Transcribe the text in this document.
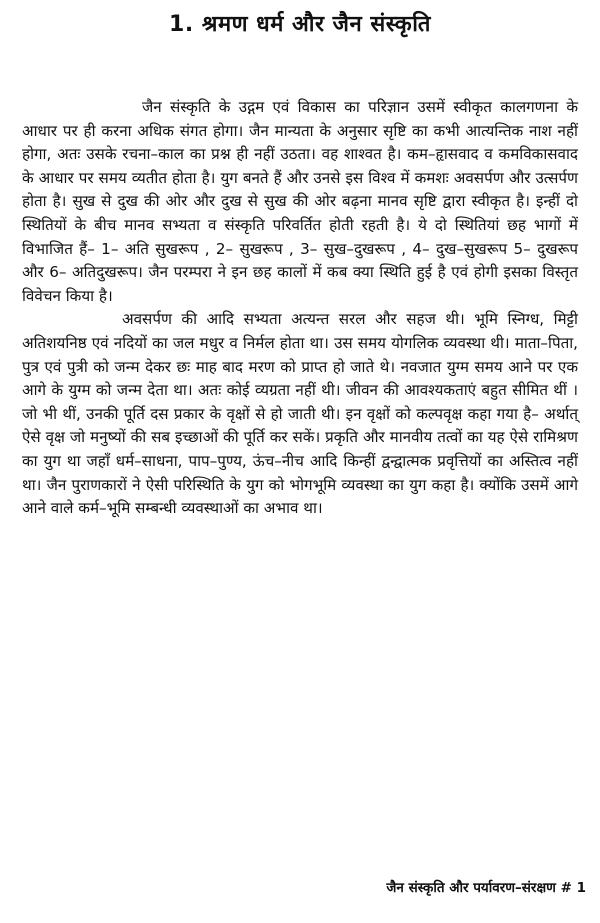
1. श्रमण धर्म और जैन संस्कृति

जैन संस्कृति के उद्गम एवं विकास का परिज्ञान उसमें स्वीकृत कालगणना के आधार पर ही करना अधिक संगत होगा। जैन मान्यता के अनुसार सृष्टि का कभी आत्यन्तिक नाश नहीं होगा, अतः उसके रचना–काल का प्रश्न ही नहीं उठता। वह शाश्वत है। कम–हृासवाद व कमविकासवाद के आधार पर समय व्यतीत होता है। युग बनते हैं और उनसे इस विश्व में कमशः अवसर्पण और उत्सर्पण होता है। सुख से दुख की ओर और दुख से सुख की ओर बढ़ना मानव सृष्टि द्वारा स्वीकृत है। इन्हीं दो स्थितियों के बीच मानव सभ्यता व संस्कृति परिवर्तित होती रहती है। ये दो स्थितियां छह भागों में विभाजित हैं– 1– अति सुखरूप , 2– सुखरूप , 3– सुख–दुखरूप , 4– दुख–सुखरूप 5– दुखरूप और 6– अतिदुखरूप। जैन परम्परा ने इन छह कालों में कब क्या स्थिति हुई है एवं होगी इसका विस्तृत विवेचन किया है।

अवसर्पण की आदि सभ्यता अत्यन्त सरल और सहज थी। भूमि स्निग्ध, मिट्टी अतिशयनिष्ठ एवं नदियों का जल मधुर व निर्मल होता था। उस समय योगलिक व्यवस्था थी। माता–पिता, पुत्र एवं पुत्री को जन्म देकर छः माह बाद मरण को प्राप्त हो जाते थे। नवजात युग्म समय आने पर एक आगे के युग्म को जन्म देता था। अतः कोई व्यग्रता नहीं थी। जीवन की आवश्यकताएं बहुत सीमित थीं । जो भी थीं, उनकी पूर्ति दस प्रकार के वृक्षों से हो जाती थी। इन वृक्षों को कल्पवृक्ष कहा गया है– अर्थात् ऐसे वृक्ष जो मनुष्यों की सब इच्छाओं की पूर्ति कर सकें। प्रकृति और मानवीय तत्वों का यह ऐसे रामिश्रण का युग था जहाँ धर्म–साधना, पाप–पुण्य, ऊंच–नीच आदि किन्हीं द्वन्द्वात्मक प्रवृत्तियों का अस्तित्व नहीं था। जैन पुराणकारों ने ऐसी परिस्थिति के युग को भोगभूमि व्यवस्था का युग कहा है। क्योंकि उसमें आगे आने वाले कर्म–भूमि सम्बन्धी व्यवस्थाओं का अभाव था।

जैन संस्कृति और पर्यावरण–संरक्षण # 1
